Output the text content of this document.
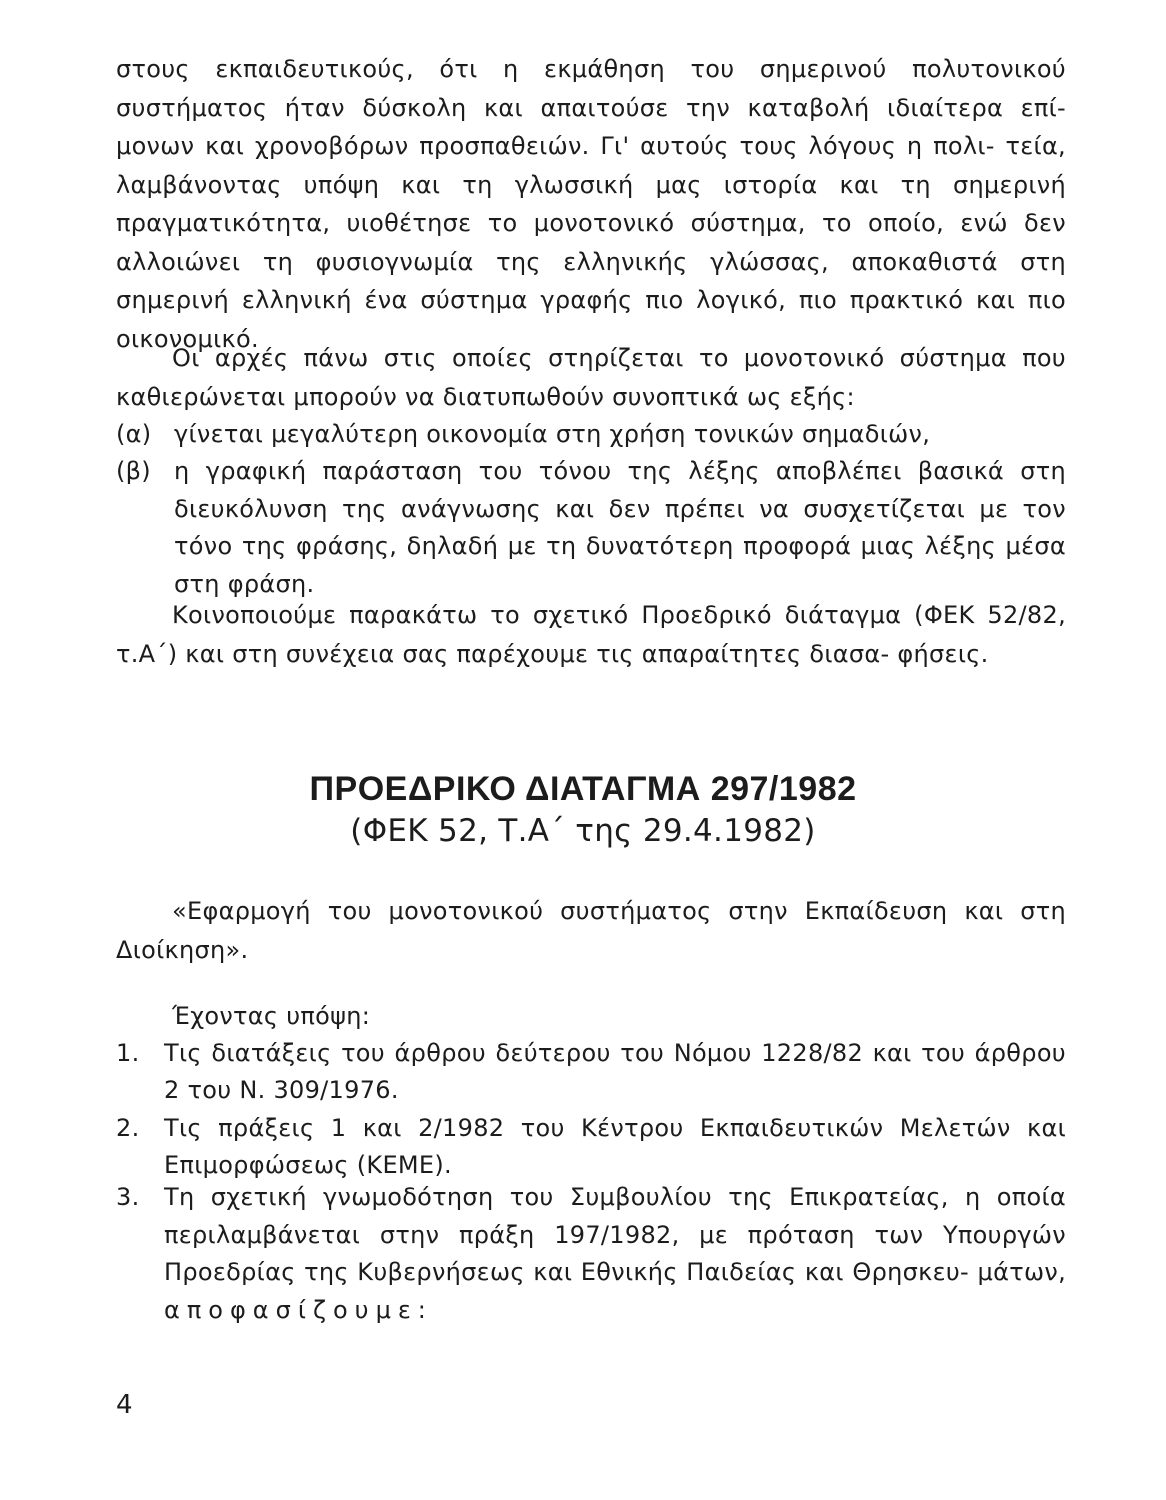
στους εκπαιδευτικούς, ότι η εκμάθηση του σημερινού πολυτονικού συστήματος ήταν δύσκολη και απαιτούσε την καταβολή ιδιαίτερα επί- μονων και χρονοβόρων προσπαθειών. Γι' αυτούς τους λόγους η πολι- τεία, λαμβάνοντας υπόψη και τη γλωσσική μας ιστορία και τη σημερινή πραγματικότητα, υιοθέτησε το μονοτονικό σύστημα, το οποίο, ενώ δεν αλλοιώνει τη φυσιογνωμία της ελληνικής γλώσσας, αποκαθιστά στη σημερινή ελληνική ένα σύστημα γραφής πιο λογικό, πιο πρακτικό και πιο οικονομικό.

Οι αρχές πάνω στις οποίες στηρίζεται το μονοτονικό σύστημα που καθιερώνεται μπορούν να διατυπωθούν συνοπτικά ως εξής:

(α) γίνεται μεγαλύτερη οικονομία στη χρήση τονικών σημαδιών,
(β) η γραφική παράσταση του τόνου της λέξης αποβλέπει βασικά στη διευκόλυνση της ανάγνωσης και δεν πρέπει να συσχετίζεται με τον τόνο της φράσης, δηλαδή με τη δυνατότερη προφορά μιας λέξης μέσα στη φράση.

Κοινοποιούμε παρακάτω το σχετικό Προεδρικό διάταγμα (ΦΕΚ 52/82, τ.Α΄) και στη συνέχεια σας παρέχουμε τις απαραίτητες διασα- φήσεις.

ΠΡΟΕΔΡΙΚΟ ΔΙΑΤΑΓΜΑ 297/1982
(ΦΕΚ 52, Τ.Α΄ της 29.4.1982)

«Εφαρμογή του μονοτονικού συστήματος στην Εκπαίδευση και στη Διοίκηση».

Έχοντας υπόψη:

1. Τις διατάξεις του άρθρου δεύτερου του Νόμου 1228/82 και του άρθρου 2 του Ν. 309/1976.
2. Τις πράξεις 1 και 2/1982 του Κέντρου Εκπαιδευτικών Μελετών και Επιμορφώσεως (ΚΕΜΕ).
3. Τη σχετική γνωμοδότηση του Συμβουλίου της Επικρατείας, η οποία περιλαμβάνεται στην πράξη 197/1982, με πρόταση των Υπουργών Προεδρίας της Κυβερνήσεως και Εθνικής Παιδείας και Θρησκευ- μάτων, αποφασίζουμε:
4
